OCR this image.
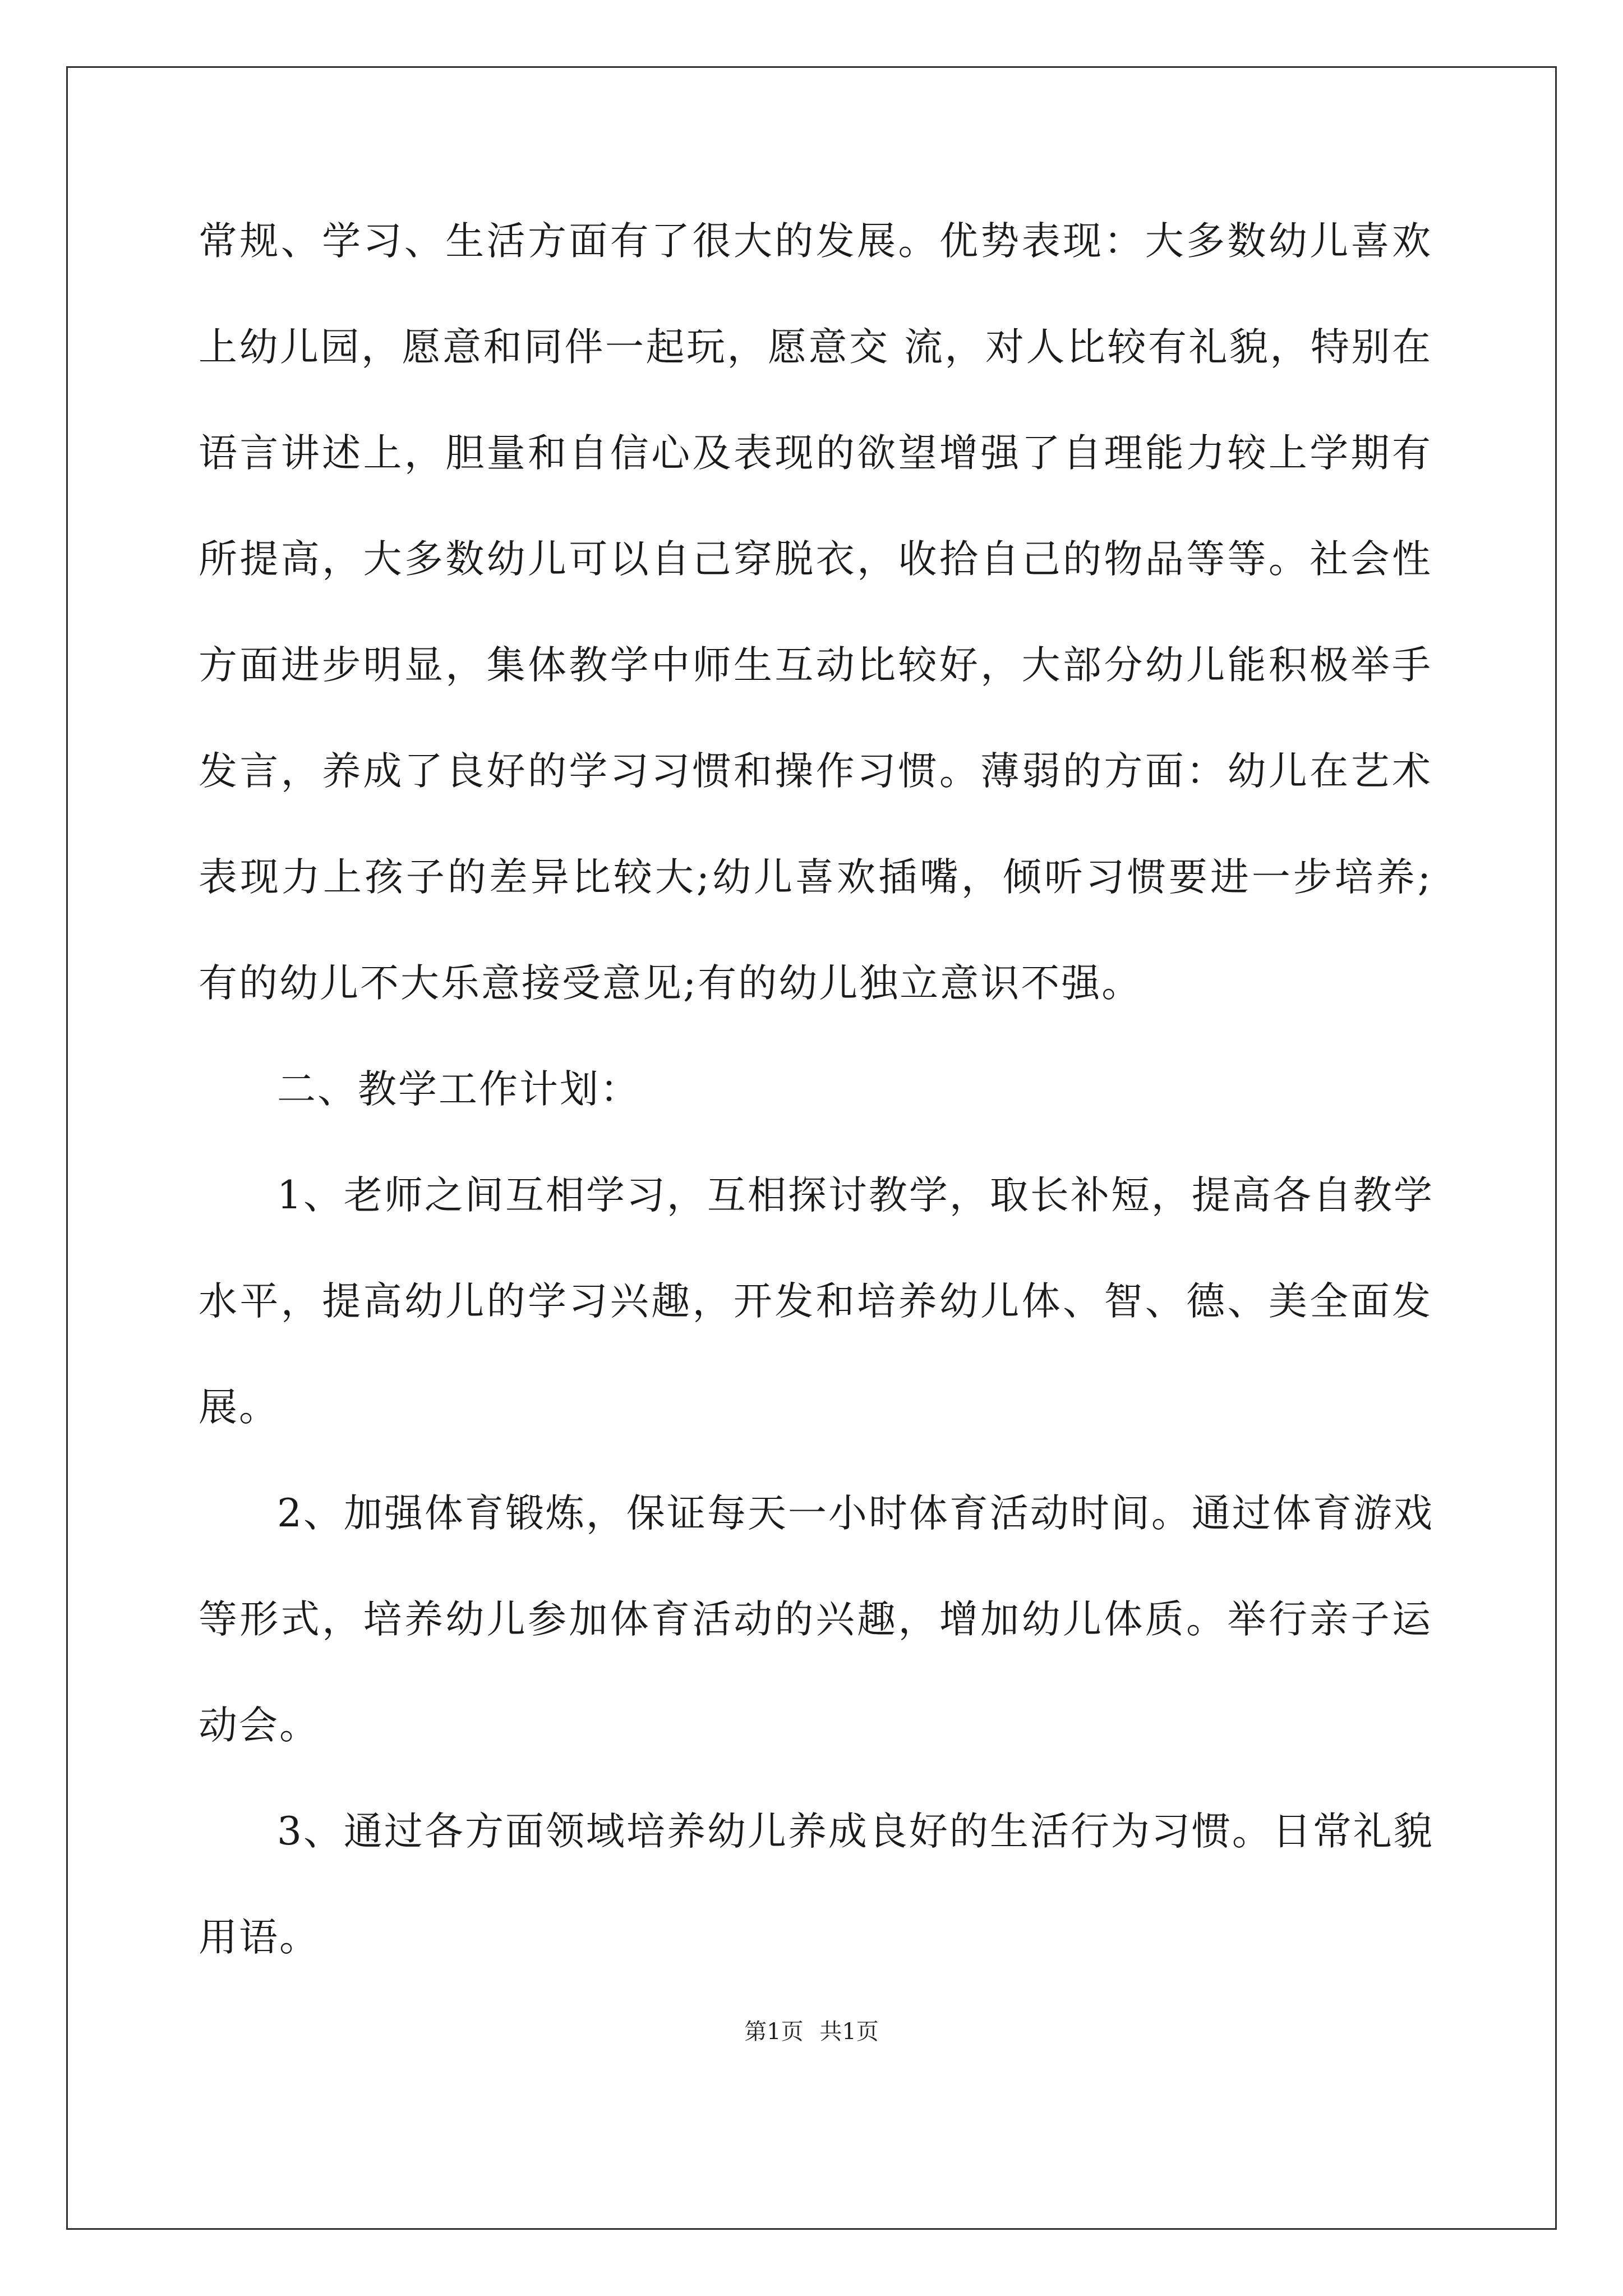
常规、学习、生活方面有了很大的发展。优势表现：大多数幼儿喜欢
上幼儿园，愿意和同伴一起玩，愿意交 流，对人比较有礼貌，特别在
语言讲述上，胆量和自信心及表现的欲望增强了自理能力较上学期有
所提高，大多数幼儿可以自己穿脱衣，收拾自己的物品等等。社会性
方面进步明显，集体教学中师生互动比较好，大部分幼儿能积极举手
发言，养成了良好的学习习惯和操作习惯。薄弱的方面：幼儿在艺术
表现力上孩子的差异比较大;幼儿喜欢插嘴，倾听习惯要进一步培养;
有的幼儿不大乐意接受意见;有的幼儿独立意识不强。
二、教学工作计划：
1、老师之间互相学习，互相探讨教学，取长补短，提高各自教学
水平，提高幼儿的学习兴趣，开发和培养幼儿体、智、德、美全面发
展。
2、加强体育锻炼，保证每天一小时体育活动时间。通过体育游戏
等形式，培养幼儿参加体育活动的兴趣，增加幼儿体质。举行亲子运
动会。
3、通过各方面领域培养幼儿养成良好的生活行为习惯。日常礼貌
用语。
第1页 共1页
